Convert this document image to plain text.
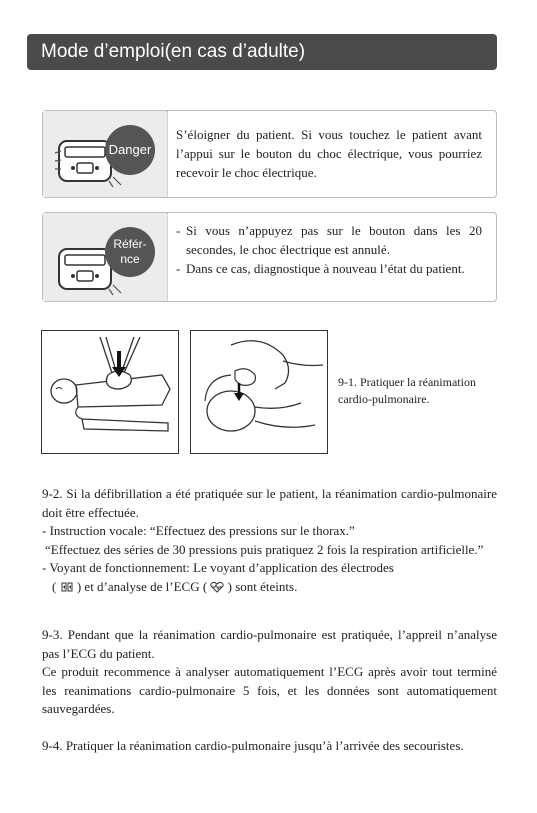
Mode d’emploi(en cas d’adulte)
Danger
S’éloigner du patient. Si vous touchez le patient avant l’appui sur le bouton du choc électrique, vous pourriez recevoir le choc électrique.
Référ-
nce
- Si vous n’appuyez pas sur le bouton dans les 20 secondes, le choc électrique est annulé.
- Dans ce cas, diagnostique à nouveau l’état du patient.
9-1. Pratiquer la réanimation cardio-pulmonaire.
9-2. Si la défibrillation a été pratiquée sur le patient, la réanimation cardio-pulmonaire doit être effectuée.
- Instruction vocale: “Effectuez des pressions sur le thorax.”
“Effectuez des séries de 30 pressions puis pratiquez 2 fois la respiration artificielle.”
- Voyant de fonctionnement: Le voyant d’application des électrodes
( ) et d’analyse de l’ECG ( ) sont éteints.
9-3. Pendant que la réanimation cardio-pulmonaire est pratiquée, l’appreil n’analyse pas l’ECG du patient.
Ce produit recommence à analyser automatiquement l’ECG après avoir tout terminé les reanimations cardio-pulmonaire 5 fois, et les données sont automatiquement sauvegardées.
9-4. Pratiquer la réanimation cardio-pulmonaire jusqu’à l’arrivée des secouristes.
